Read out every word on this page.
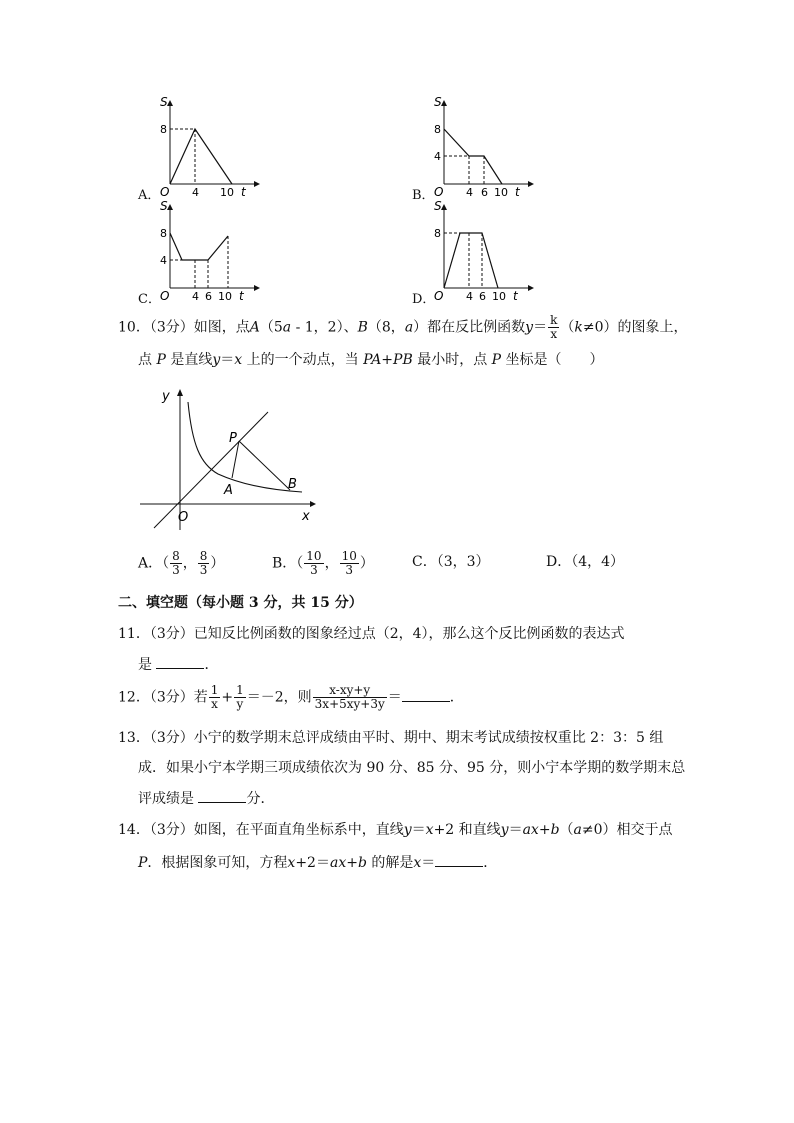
A．
S
8
O 4 10 t	B．
S
8
4
O 4 6 10 t
C．
S
8
4
O 4 6 10 t	D．
S
8
O 4 6 10 t
10．（3分）如图，点A（5a - 1，2）、B（8，a）都在反比例函数$y= \frac{k}{x} (k\ne 0)$的图象上，
点 P 是直线y＝x 上的一个动点，当 PA+PB 最小时，点 P 坐标是（　　）
y
x
O
P
A	B
A．（ $\frac{8}{3}$ ， $\frac{8}{3}$ ）	B．（ $\frac{10}{3}$ ， $\frac{10}{3}$ ）	C．（3，3）	D．（4，4）
二、填空题（每小题 3 分，共 15 分）
11．（3分）已知反比例函数的图象经过点（2，4），那么这个反比例函数的表达式
是	．
12．（3分）若 $\frac{1}{x} + \frac{1}{y} =-2$，则 $\frac{x-xy+y}{3x+5xy+3y}$ ＝	．
13．（3分）小宁的数学期末总评成绩由平时、期中、期末考试成绩按权重比 2：3：5 组
成．如果小宁本学期三项成绩依次为 90 分、85 分、95 分，则小宁本学期的数学期末总
评成绩是	分．
14．（3分）如图，在平面直角坐标系中，直线y＝x+2 和直线y＝ax+b（a≠0）相交于点
P．根据图象可知，方程x+2＝ax+b 的解是x＝	．
